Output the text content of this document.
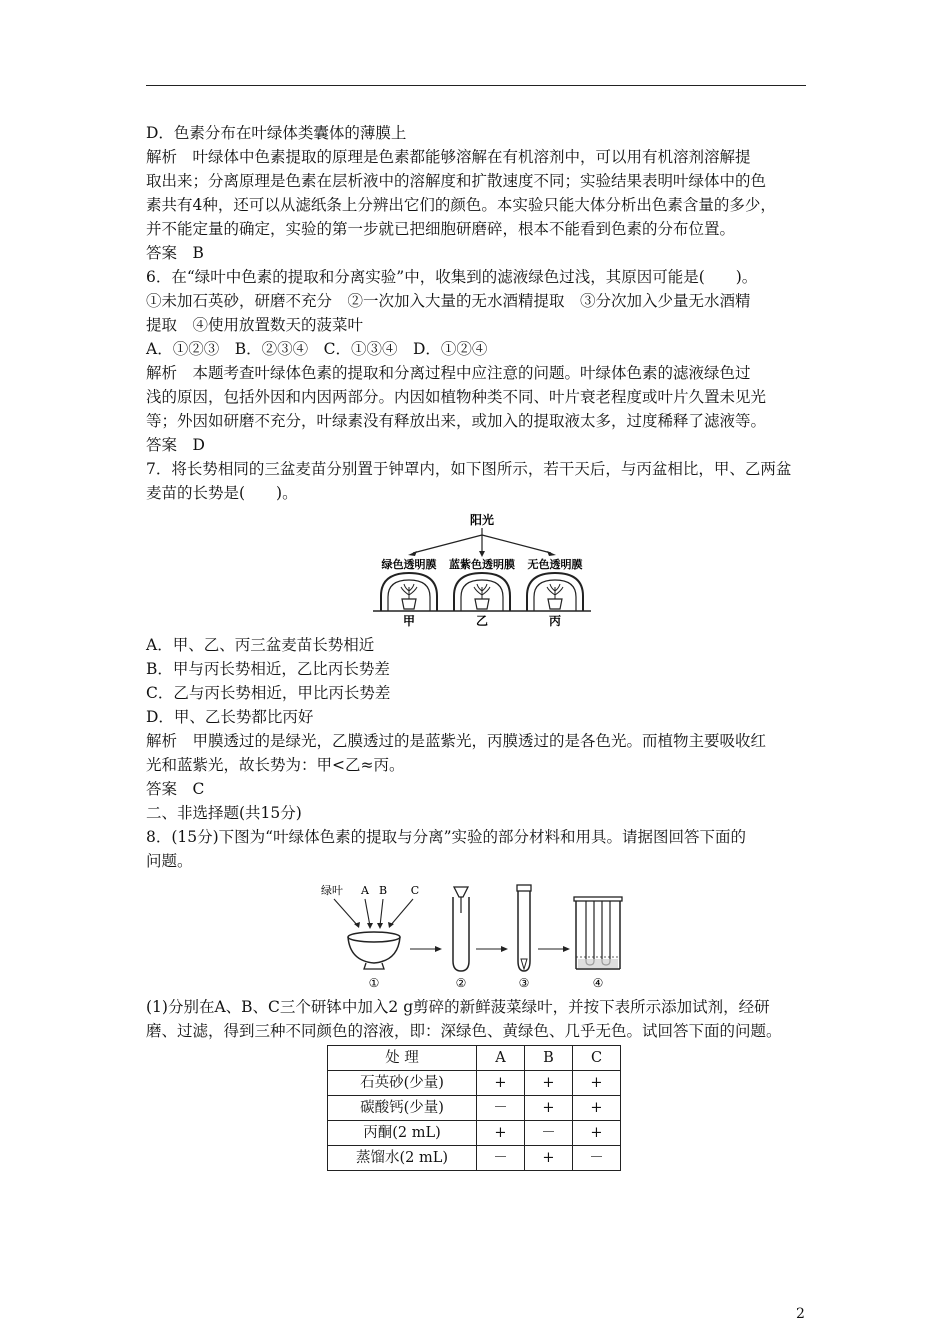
D．色素分布在叶绿体类囊体的薄膜上

解析　叶绿体中色素提取的原理是色素都能够溶解在有机溶剂中，可以用有机溶剂溶解提

取出来；分离原理是色素在层析液中的溶解度和扩散速度不同；实验结果表明叶绿体中的色

素共有4种，还可以从滤纸条上分辨出它们的颜色。本实验只能大体分析出色素含量的多少，

并不能定量的确定，实验的第一步就已把细胞研磨碎，根本不能看到色素的分布位置。

答案　B

6．在“绿叶中色素的提取和分离实验”中，收集到的滤液绿色过浅，其原因可能是(　　)。

①未加石英砂，研磨不充分　②一次加入大量的无水酒精提取　③分次加入少量无水酒精

提取　④使用放置数天的菠菜叶

A．①②③　B．②③④　C．①③④　D．①②④

解析　本题考查叶绿体色素的提取和分离过程中应注意的问题。叶绿体色素的滤液绿色过

浅的原因，包括外因和内因两部分。内因如植物种类不同、叶片衰老程度或叶片久置未见光

等；外因如研磨不充分，叶绿素没有释放出来，或加入的提取液太多，过度稀释了滤液等。

答案　D

7．将长势相同的三盆麦苗分别置于钟罩内，如下图所示，若干天后，与丙盆相比，甲、乙两盆

麦苗的长势是(　　)。

阳光
绿色透明膜 蓝紫色透明膜 无色透明膜
甲	乙	丙

A．甲、乙、丙三盆麦苗长势相近

B．甲与丙长势相近，乙比丙长势差

C．乙与丙长势相近，甲比丙长势差

D．甲、乙长势都比丙好

解析　甲膜透过的是绿光，乙膜透过的是蓝紫光，丙膜透过的是各色光。而植物主要吸收红

光和蓝紫光，故长势为：甲<乙≈丙。

答案　C

二、非选择题(共15分)

8．(15分)下图为“叶绿体色素的提取与分离”实验的部分材料和用具。请据图回答下面的

问题。

绿叶 A B C
①	②	③	④

(1)分别在A、B、C三个研钵中加入2 g剪碎的新鲜菠菜绿叶，并按下表所示添加试剂，经研

磨、过滤，得到三种不同颜色的溶液，即：深绿色、黄绿色、几乎无色。试回答下面的问题。

处 理	A	B	C
石英砂(少量)	+	+	+
碳酸钙(少量)	－	+	+
丙酮(2 mL)	+	－	+
蒸馏水(2 mL)	－	+	－
2
